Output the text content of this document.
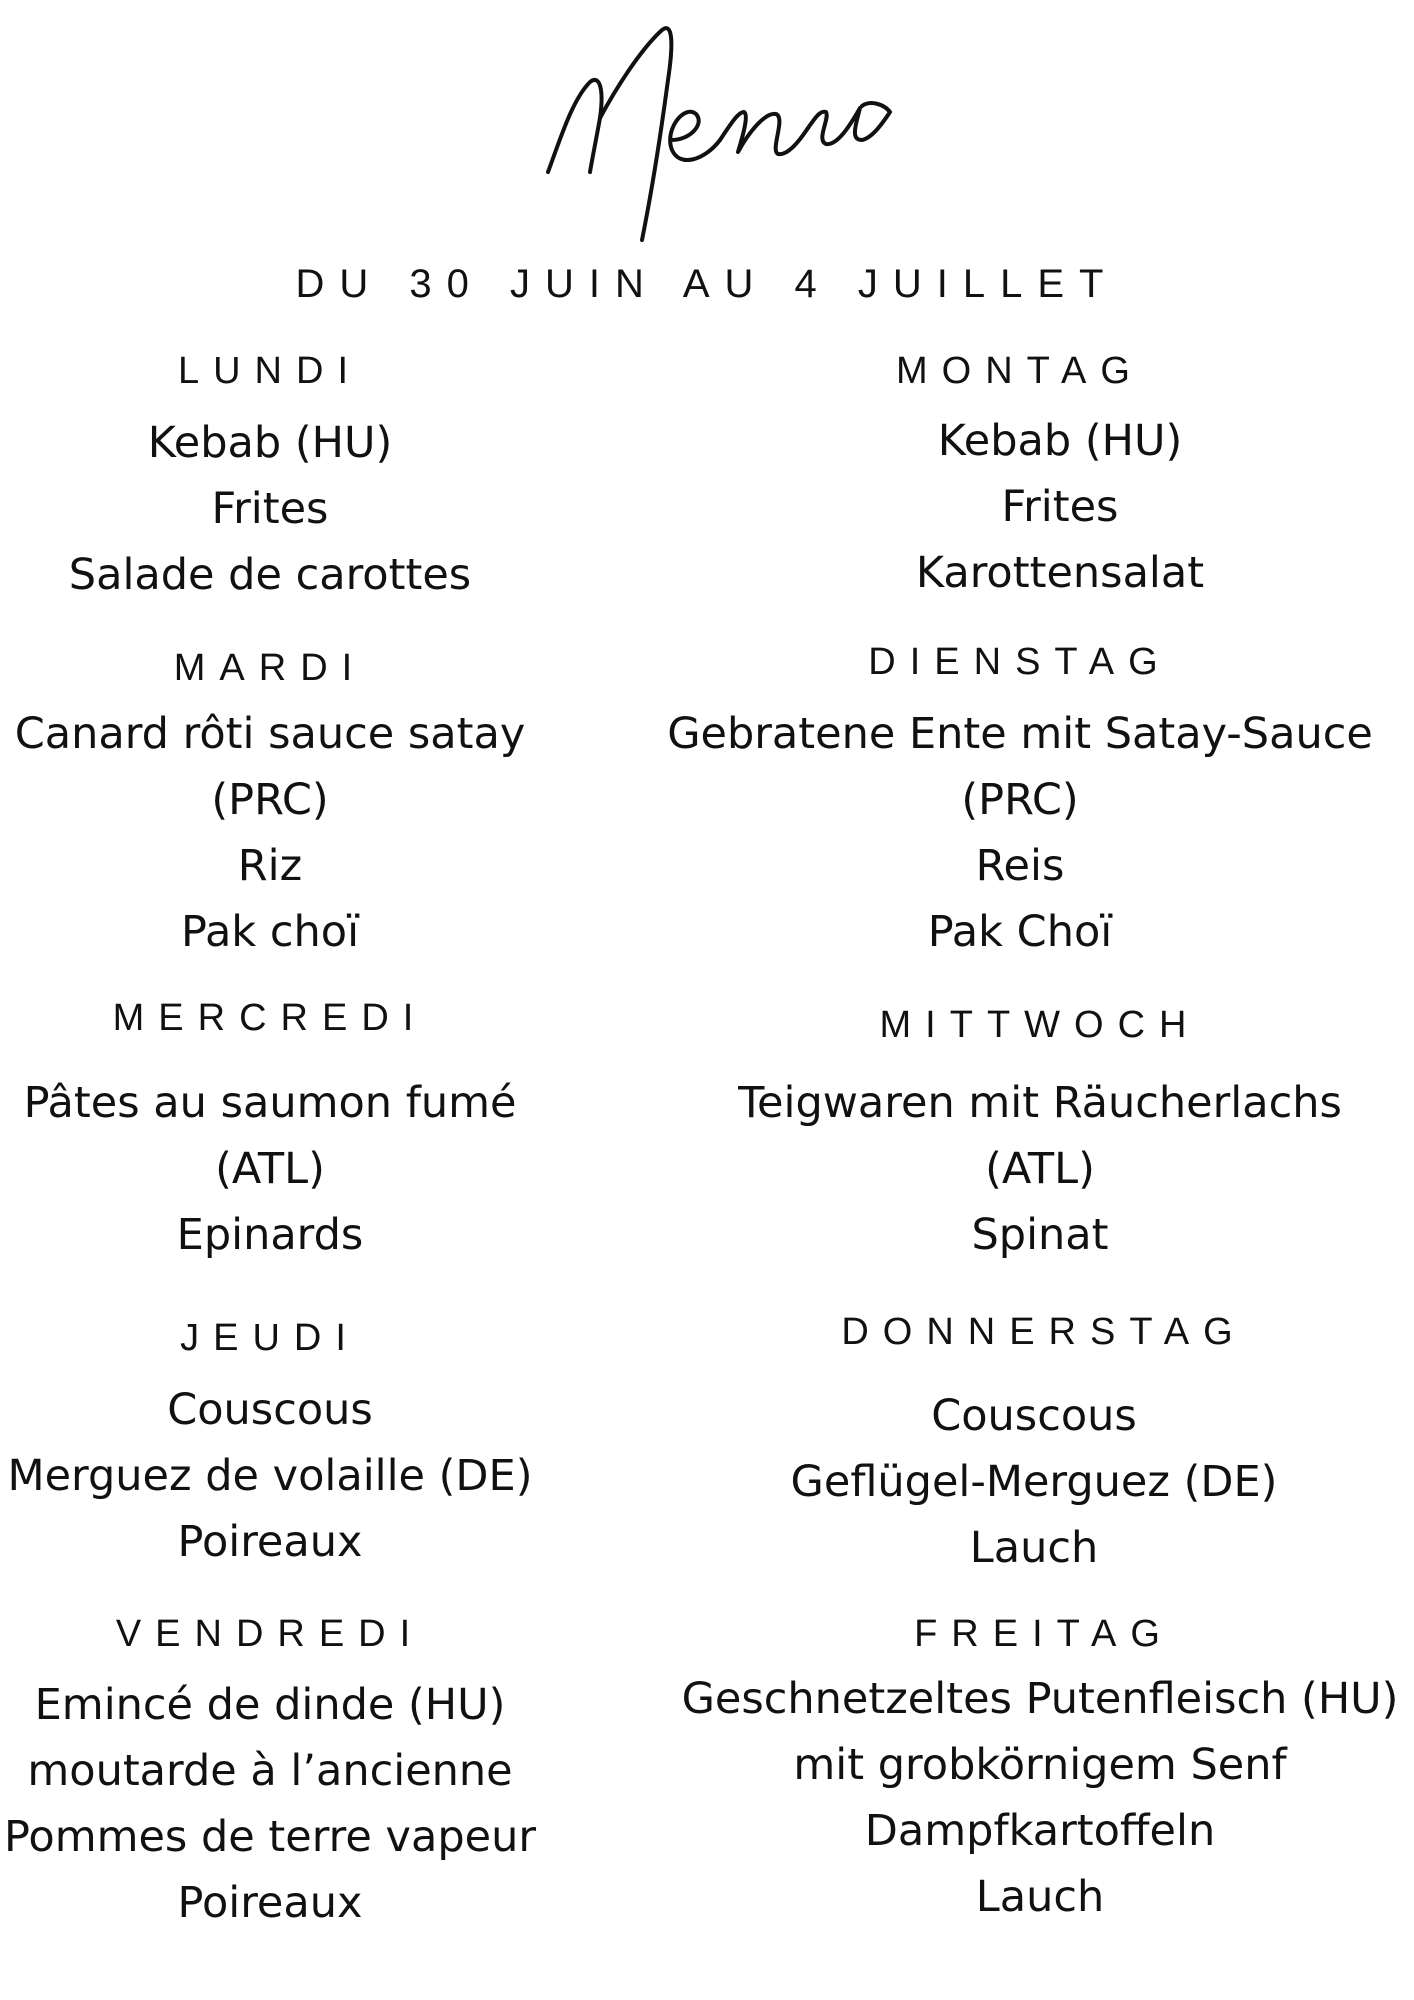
DU 30 JUIN AU 4 JUILLET
LUNDI
Kebab (HU)
Frites
Salade de carottes
MARDI
Canard rôti sauce satay
(PRC)
Riz
Pak choï
MERCREDI
Pâtes au saumon fumé
(ATL)
Epinards
JEUDI
Couscous
Merguez de volaille (DE)
Poireaux
VENDREDI
Emincé de dinde (HU)
moutarde à l’ancienne
Pommes de terre vapeur
Poireaux
MONTAG
Kebab (HU)
Frites
Karottensalat
DIENSTAG
Gebratene Ente mit Satay-Sauce
(PRC)
Reis
Pak Choï
MITTWOCH
Teigwaren mit Räucherlachs
(ATL)
Spinat
DONNERSTAG
Couscous
Geflügel-Merguez (DE)
Lauch
FREITAG
Geschnetzeltes Putenfleisch (HU)
mit grobkörnigem Senf
Dampfkartoffeln
Lauch
